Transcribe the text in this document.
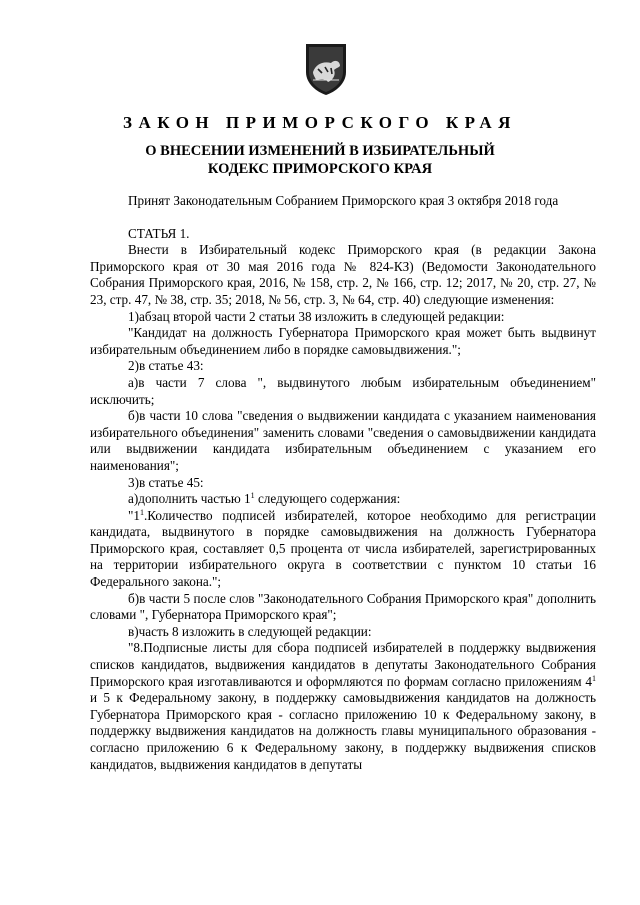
ЗАКОН ПРИМОРСКОГО КРАЯ
О ВНЕСЕНИИ ИЗМЕНЕНИЙ В ИЗБИРАТЕЛЬНЫЙ
КОДЕКС ПРИМОРСКОГО КРАЯ

Принят Законодательным Собранием Приморского края 3 октября 2018 года

СТАТЬЯ 1.

Внести в Избирательный кодекс Приморского края (в редакции Закона Приморского края от 30 мая 2016 года № 824-КЗ) (Ведомости Законодательного Собрания Приморского края, 2016, № 158, стр. 2, № 166, стр. 12; 2017, № 20, стр. 27, № 23, стр. 47, № 38, стр. 35; 2018, № 56, стр. 3, № 64, стр. 40) следующие изменения:

1)абзац второй части 2 статьи 38 изложить в следующей редакции:

"Кандидат на должность Губернатора Приморского края может быть выдвинут избирательным объединением либо в порядке самовыдвижения.";

2)в статье 43:

а)в части 7 слова ", выдвинутого любым избирательным объединением" исключить;

б)в части 10 слова "сведения о выдвижении кандидата с указанием наименования избирательного объединения" заменить словами "сведения о самовыдвижении кандидата или выдвижении кандидата избирательным объединением с указанием его наименования";

3)в статье 45:

а)дополнить частью $1^1$ следующего содержания:

"$1^1.Количество$ подписей избирателей, которое необходимо для регистрации кандидата, выдвинутого в порядке самовыдвижения на должность Губернатора Приморского края, составляет 0,5 процента от числа избирателей, зарегистрированных на территории избирательного округа в соответствии с пунктом 10 статьи 16 Федерального закона.";

б)в части 5 после слов "Законодательного Собрания Приморского края" дополнить словами ", Губернатора Приморского края";

в)часть 8 изложить в следующей редакции:

"8.Подписные листы для сбора подписей избирателей в поддержку выдвижения списков кандидатов, выдвижения кандидатов в депутаты Законодательного Собрания Приморского края изготавливаются и оформляются по формам согласно приложениям $4^1$ и 5 к Федеральному закону, в поддержку самовыдвижения кандидатов на должность Губернатора Приморского края - согласно приложению 10 к Федеральному закону, в поддержку выдвижения кандидатов на должность главы муниципального образования - согласно приложению 6 к Федеральному закону, в поддержку выдвижения списков кандидатов, выдвижения кандидатов в депутаты
